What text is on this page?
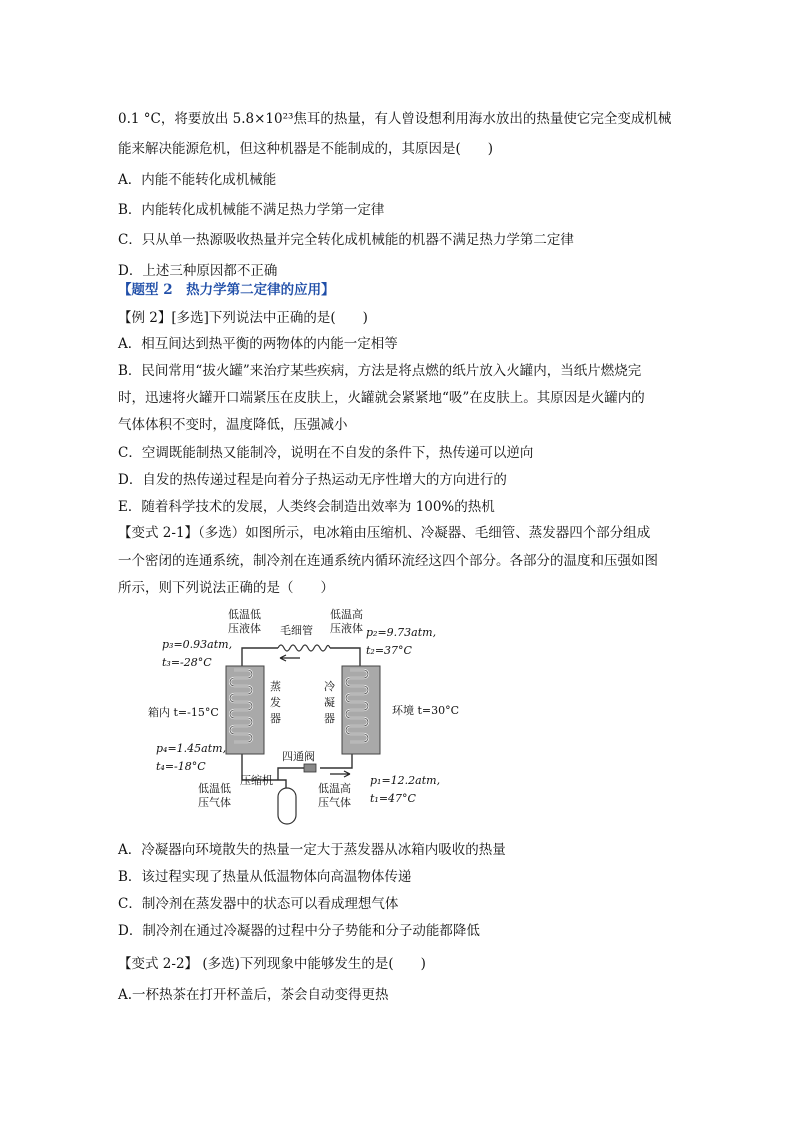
0.1 °C，将要放出 5.8×10²³焦耳的热量，有人曾设想利用海水放出的热量使它完全变成机械
能来解决能源危机，但这种机器是不能制成的，其原因是(　　)
A．内能不能转化成机械能
B．内能转化成机械能不满足热力学第一定律
C．只从单一热源吸收热量并完全转化成机械能的机器不满足热力学第二定律
D．上述三种原因都不正确
【题型 2　热力学第二定律的应用】
【例 2】[多选]下列说法中正确的是(　　)
A．相互间达到热平衡的两物体的内能一定相等
B．民间常用“拔火罐”来治疗某些疾病，方法是将点燃的纸片放入火罐内，当纸片燃烧完
时，迅速将火罐开口端紧压在皮肤上，火罐就会紧紧地“吸”在皮肤上。其原因是火罐内的
气体体积不变时，温度降低，压强减小
C．空调既能制热又能制冷，说明在不自发的条件下，热传递可以逆向
D．自发的热传递过程是向着分子热运动无序性增大的方向进行的
E．随着科学技术的发展，人类终会制造出效率为 100%的热机
【变式 2-1】（多选）如图所示，电冰箱由压缩机、冷凝器、毛细管、蒸发器四个部分组成
一个密闭的连通系统，制冷剂在连通系统内循环流经这四个部分。各部分的温度和压强如图
所示，则下列说法正确的是（　　）
低温低
压液体 毛细管
低温高
压液体
p₃=0.93atm,
t₃=-28°C
p₂=9.73atm,
t₂=37°C
蒸
发
器
冷
凝
器
箱内 t=-15°C	环境 t=30°C
p₄=1.45atm,
t₄=-18°C
四通阀
压缩机
低温低
压气体
低温高
压气体
p₁=12.2atm,
t₁=47°C
A．冷凝器向环境散失的热量一定大于蒸发器从冰箱内吸收的热量
B．该过程实现了热量从低温物体向高温物体传递
C．制冷剂在蒸发器中的状态可以看成理想气体
D．制冷剂在通过冷凝器的过程中分子势能和分子动能都降低
【变式 2-2】 (多选)下列现象中能够发生的是(　　)
A.一杯热茶在打开杯盖后，茶会自动变得更热
